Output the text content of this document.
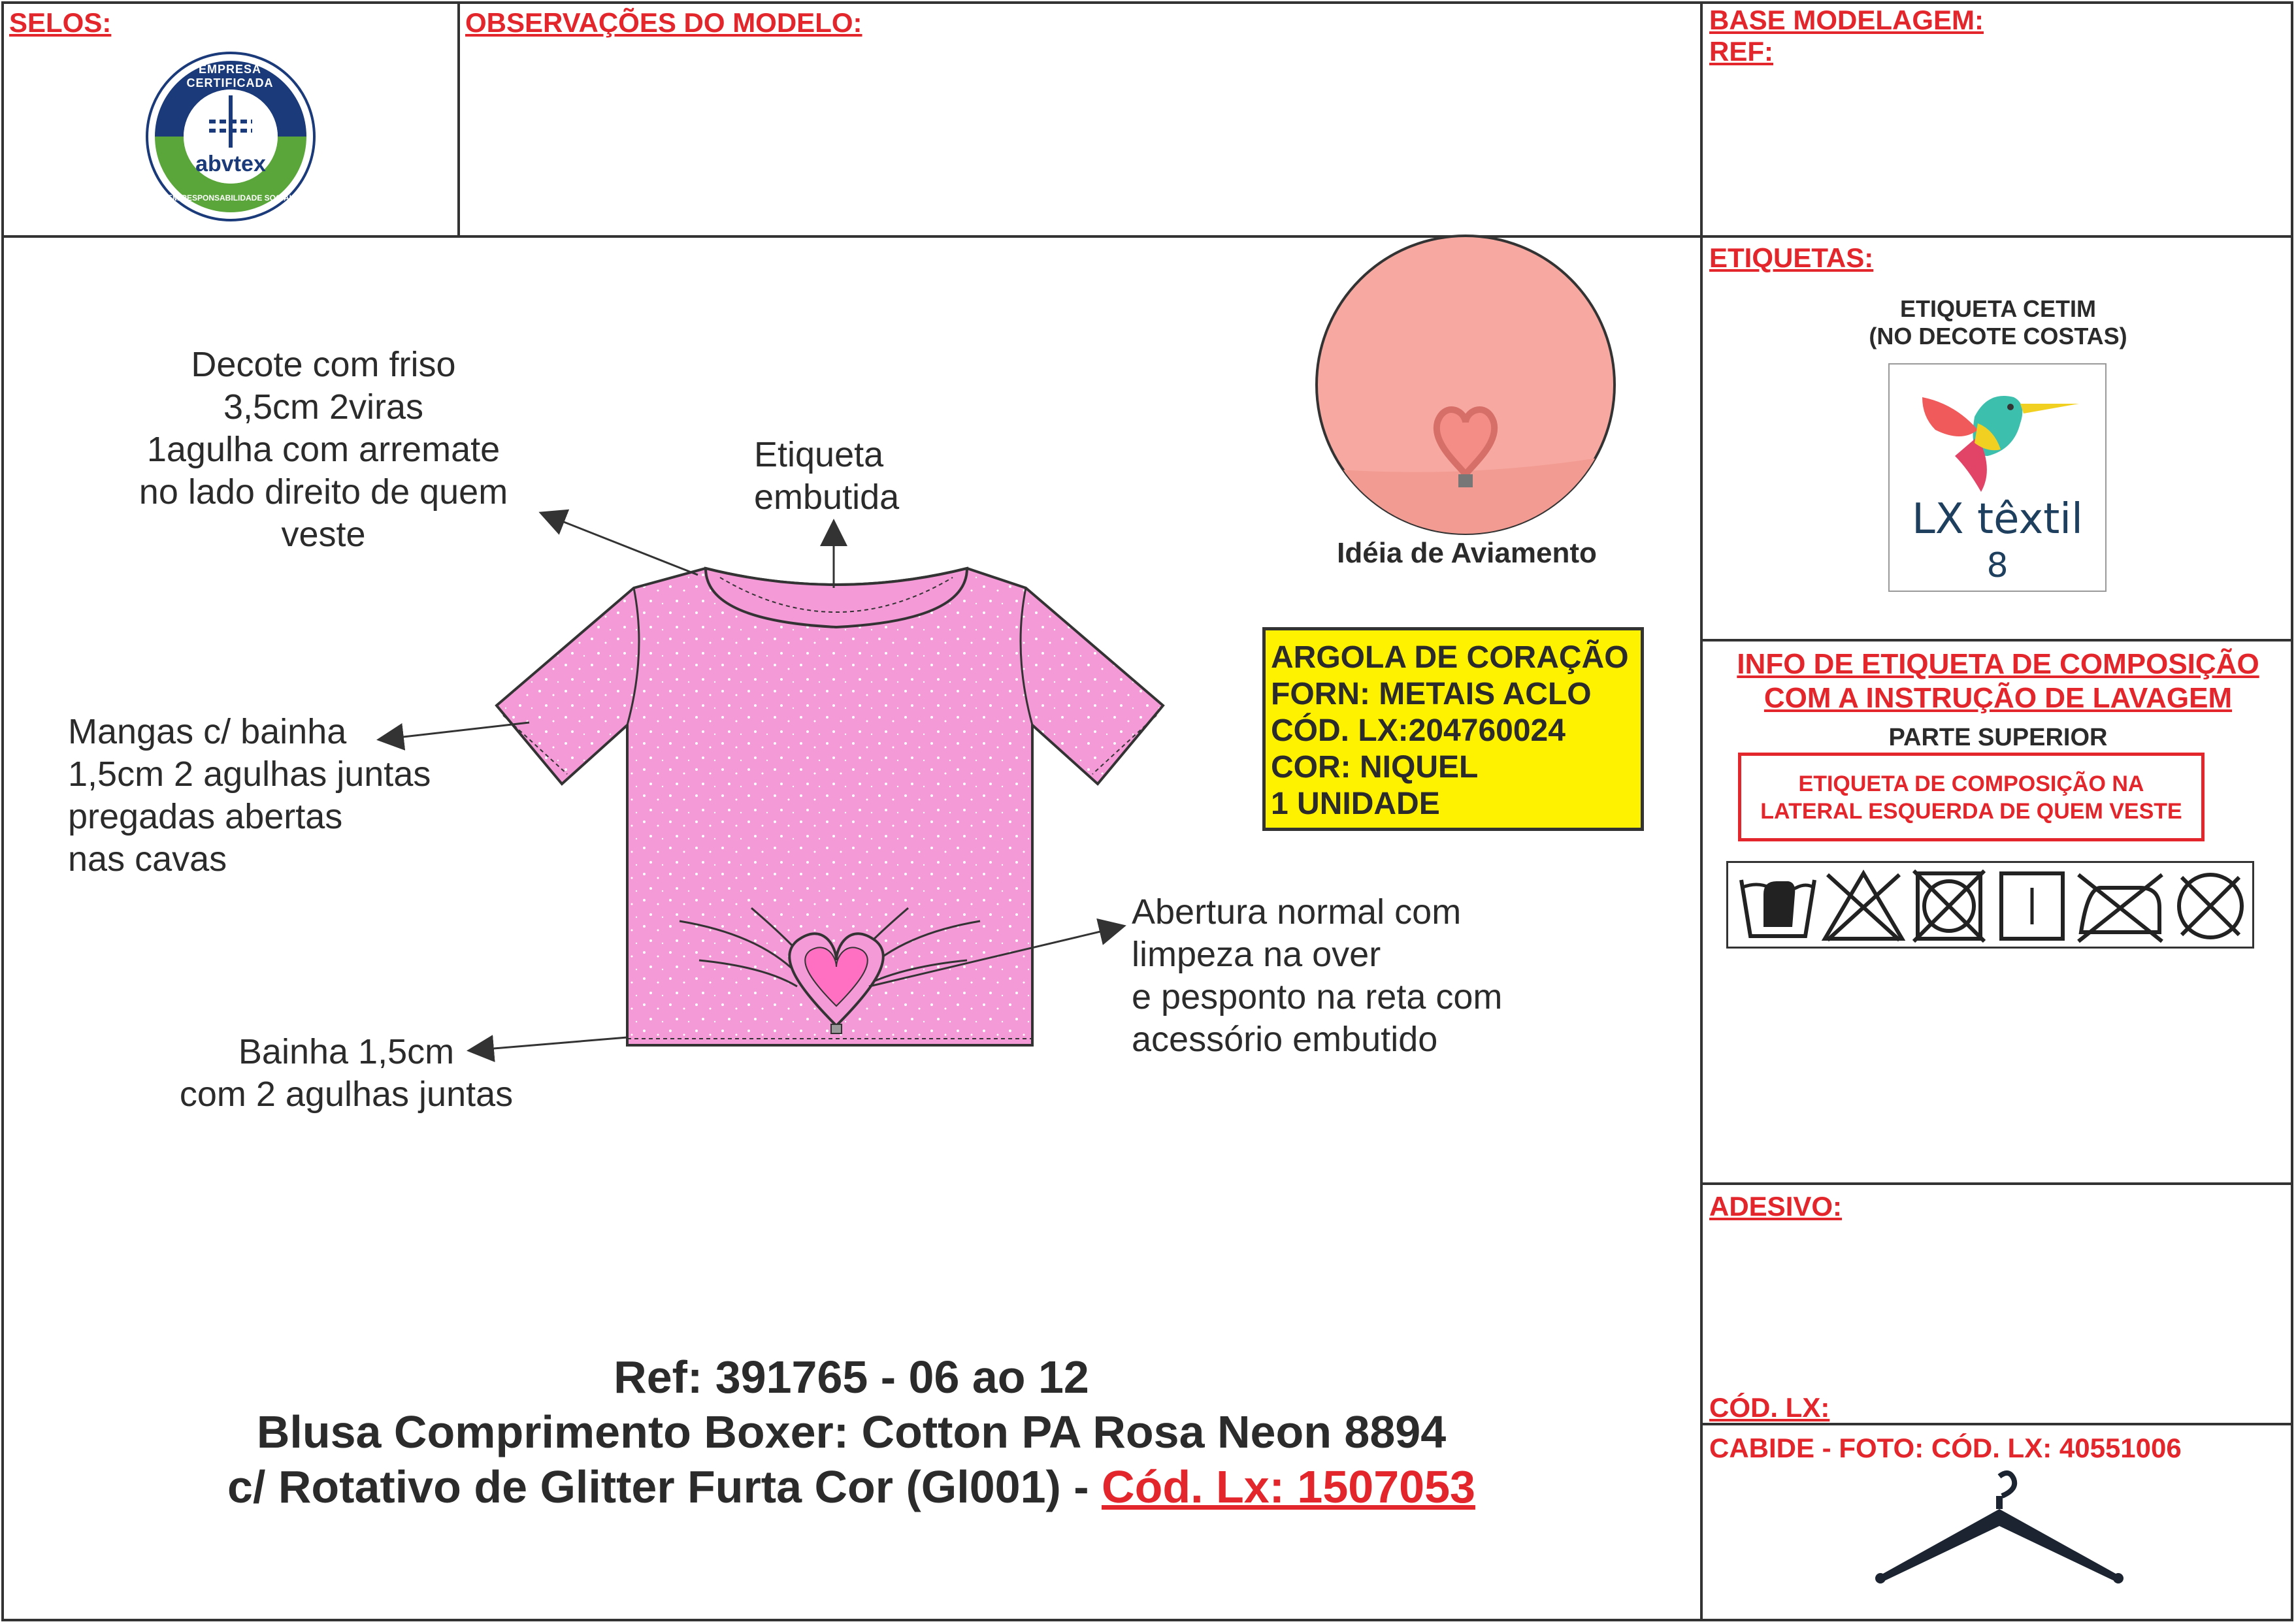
SELOS:	OBSERVAÇÕES DO MODELO:	BASE MODELAGEM:
REF:
ETIQUETAS:
ADESIVO:
CÓD. LX:
CABIDE - FOTO: CÓD. LX: 40551006
EMPRESA CERTIFICADA
abvtex
EM RESPONSABILIDADE SOCIAL
Decote com friso
3,5cm 2viras
1agulha com arremate
no lado direito de quem
veste
Etiqueta
embutida
Mangas c/ bainha
1,5cm 2 agulhas juntas
pregadas abertas
nas cavas
Abertura normal com
limpeza na over
e pesponto na reta com
acessório embutido
Bainha 1,5cm
com 2 agulhas juntas
Idéia de Aviamento
ARGOLA DE CORAÇÃO
FORN: METAIS ACLO
CÓD. LX:204760024
COR: NIQUEL
1 UNIDADE
Ref: 391765 - 06 ao 12
Blusa Comprimento Boxer: Cotton PA Rosa Neon 8894
c/ Rotativo de Glitter Furta Cor (Gl001) - Cód. Lx: 1507053
ETIQUETA CETIM
(NO DECOTE COSTAS)
LX têxtil
8
INFO DE ETIQUETA DE COMPOSIÇÃO
COM A INSTRUÇÃO DE LAVAGEM
PARTE SUPERIOR
ETIQUETA DE COMPOSIÇÃO NA
LATERAL ESQUERDA DE QUEM VESTE
